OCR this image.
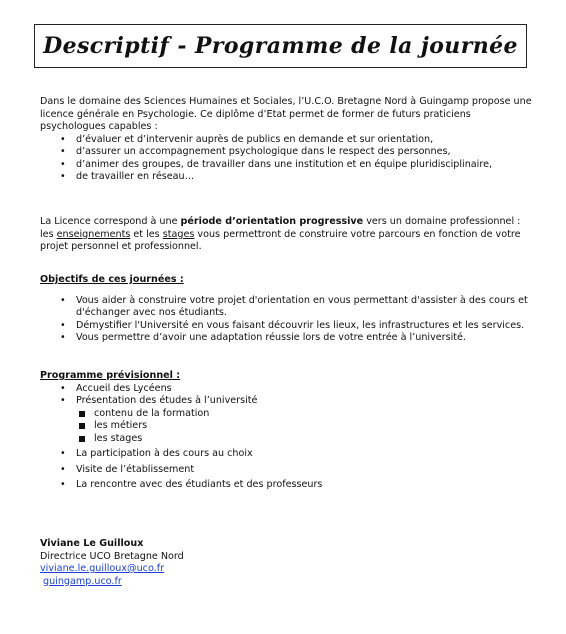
Descriptif - Programme de la journée

Dans le domaine des Sciences Humaines et Sociales, l’U.C.O. Bretagne Nord à Guingamp propose une licence générale en Psychologie. Ce diplôme d’Etat permet de former de futurs praticiens psychologues capables :

• d’évaluer et d’intervenir auprès de publics en demande et sur orientation,
• d’assurer un accompagnement psychologique dans le respect des personnes,
• d’animer des groupes, de travailler dans une institution et en équipe pluridisciplinaire,
• de travailler en réseau…

La Licence correspond à une période d’orientation progressive vers un domaine professionnel : les enseignements et les stages vous permettront de construire votre parcours en fonction de votre projet personnel et professionnel.

Objectifs de ces journées :

• Vous aider à construire votre projet d'orientation en vous permettant d'assister à des cours et d'échanger avec nos étudiants.
• Démystifier l'Université en vous faisant découvrir les lieux, les infrastructures et les services.
• Vous permettre d’avoir une adaptation réussie lors de votre entrée à l’université.

Programme prévisionnel :

• Accueil des Lycéens
• Présentation des études à l’université
contenu de la formation
les métiers
les stages
• La participation à des cours au choix
• Visite de l’établissement
• La rencontre avec des étudiants et des professeurs

Viviane Le Guilloux

Directrice UCO Bretagne Nord

viviane.le.guilloux@uco.fr

guingamp.uco.fr
